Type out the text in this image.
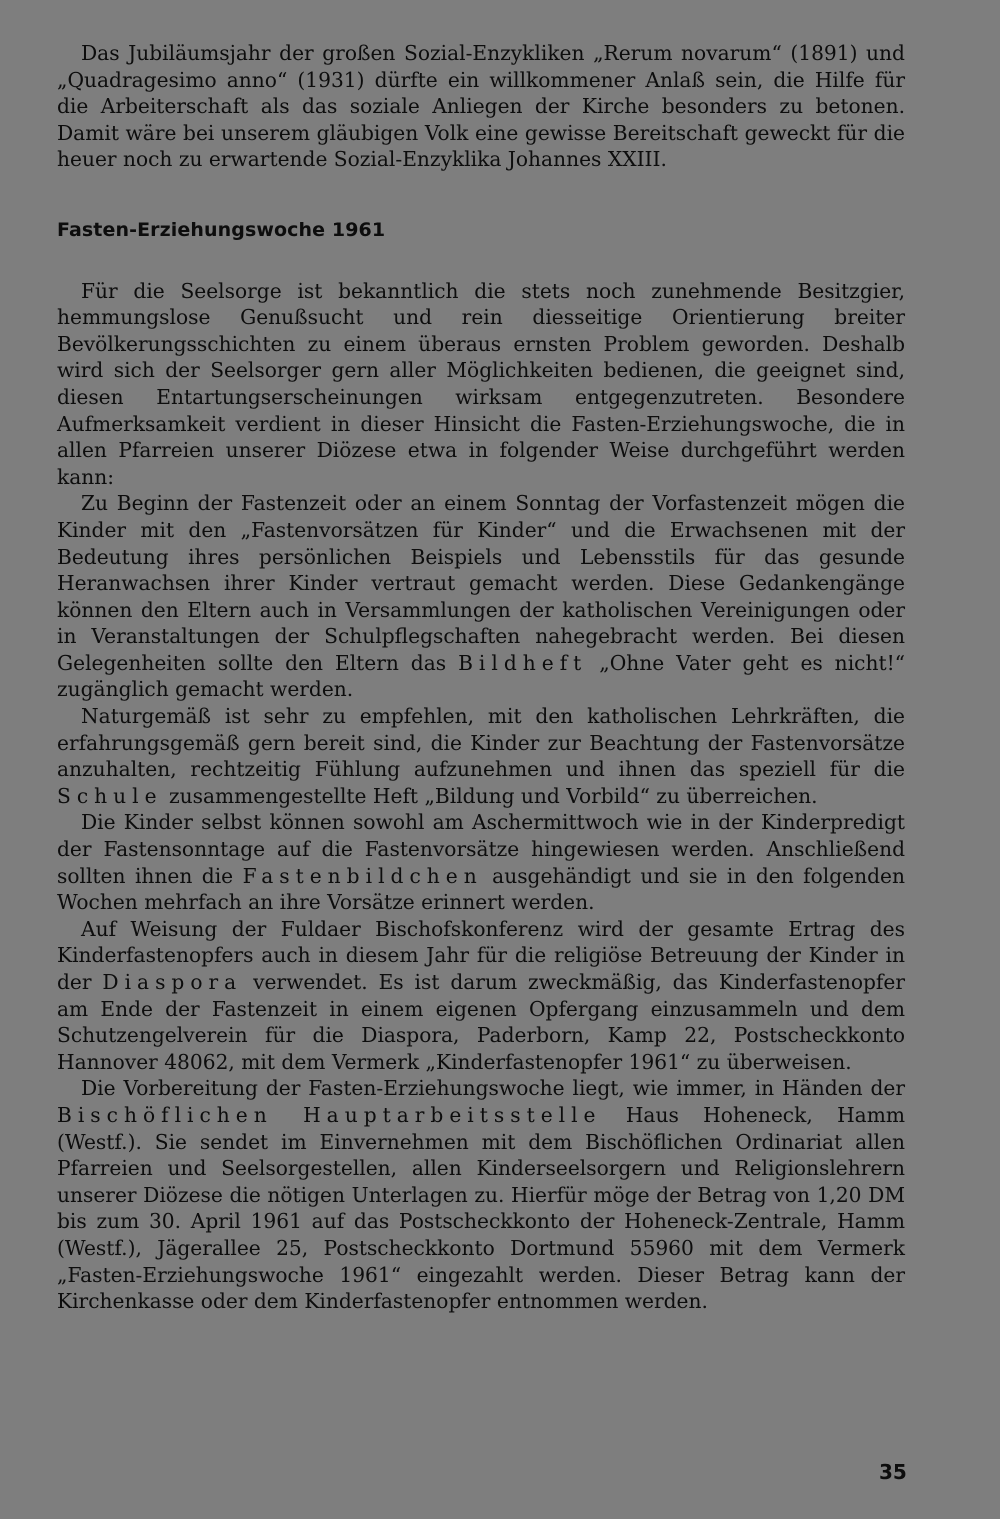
Das Jubiläumsjahr der großen Sozial-Enzykliken „Rerum novarum“ (1891) und „Quadragesimo anno“ (1931) dürfte ein willkommener Anlaß sein, die Hilfe für die Arbeiterschaft als das soziale Anliegen der Kirche besonders zu betonen. Damit wäre bei unserem gläubigen Volk eine gewisse Bereitschaft geweckt für die heuer noch zu erwartende Sozial-Enzyklika Johannes XXIII.

Fasten-Erziehungswoche 1961

Für die Seelsorge ist bekanntlich die stets noch zunehmende Besitzgier, hemmungslose Genußsucht und rein diesseitige Orientierung breiter Bevölkerungsschichten zu einem überaus ernsten Problem geworden. Deshalb wird sich der Seelsorger gern aller Möglichkeiten bedienen, die geeignet sind, diesen Entartungserscheinungen wirksam entgegenzutreten. Besondere Aufmerksamkeit verdient in dieser Hinsicht die Fasten-Erziehungswoche, die in allen Pfarreien unserer Diözese etwa in folgender Weise durchgeführt werden kann:

Zu Beginn der Fastenzeit oder an einem Sonntag der Vorfastenzeit mögen die Kinder mit den „Fastenvorsätzen für Kinder“ und die Erwachsenen mit der Bedeutung ihres persönlichen Beispiels und Lebensstils für das gesunde Heranwachsen ihrer Kinder vertraut gemacht werden. Diese Gedankengänge können den Eltern auch in Versammlungen der katholischen Vereinigungen oder in Veranstaltungen der Schulpflegschaften nahegebracht werden. Bei diesen Gelegenheiten sollte den Eltern das Bildheft „Ohne Vater geht es nicht!“ zugänglich gemacht werden.

Naturgemäß ist sehr zu empfehlen, mit den katholischen Lehrkräften, die erfahrungsgemäß gern bereit sind, die Kinder zur Beachtung der Fastenvorsätze anzuhalten, rechtzeitig Fühlung aufzunehmen und ihnen das speziell für die Schule zusammengestellte Heft „Bildung und Vorbild“ zu überreichen.

Die Kinder selbst können sowohl am Aschermittwoch wie in der Kinderpredigt der Fastensonntage auf die Fastenvorsätze hingewiesen werden. Anschließend sollten ihnen die Fastenbildchen ausgehändigt und sie in den folgenden Wochen mehrfach an ihre Vorsätze erinnert werden.

Auf Weisung der Fuldaer Bischofskonferenz wird der gesamte Ertrag des Kinderfastenopfers auch in diesem Jahr für die religiöse Betreuung der Kinder in der Diaspora verwendet. Es ist darum zweckmäßig, das Kinderfastenopfer am Ende der Fastenzeit in einem eigenen Opfergang einzusammeln und dem Schutzengelverein für die Diaspora, Paderborn, Kamp 22, Postscheckkonto Hannover 48062, mit dem Vermerk „Kinderfastenopfer 1961“ zu überweisen.

Die Vorbereitung der Fasten-Erziehungswoche liegt, wie immer, in Händen der Bischöflichen Hauptarbeitsstelle Haus Hoheneck, Hamm (Westf.). Sie sendet im Einvernehmen mit dem Bischöflichen Ordinariat allen Pfarreien und Seelsorgestellen, allen Kinderseelsorgern und Religionslehrern unserer Diözese die nötigen Unterlagen zu. Hierfür möge der Betrag von 1,20 DM bis zum 30. April 1961 auf das Postscheckkonto der Hoheneck-Zentrale, Hamm (Westf.), Jägerallee 25, Postscheckkonto Dortmund 55960 mit dem Vermerk „Fasten-Erziehungswoche 1961“ eingezahlt werden. Dieser Betrag kann der Kirchenkasse oder dem Kinderfastenopfer entnommen werden.

35
